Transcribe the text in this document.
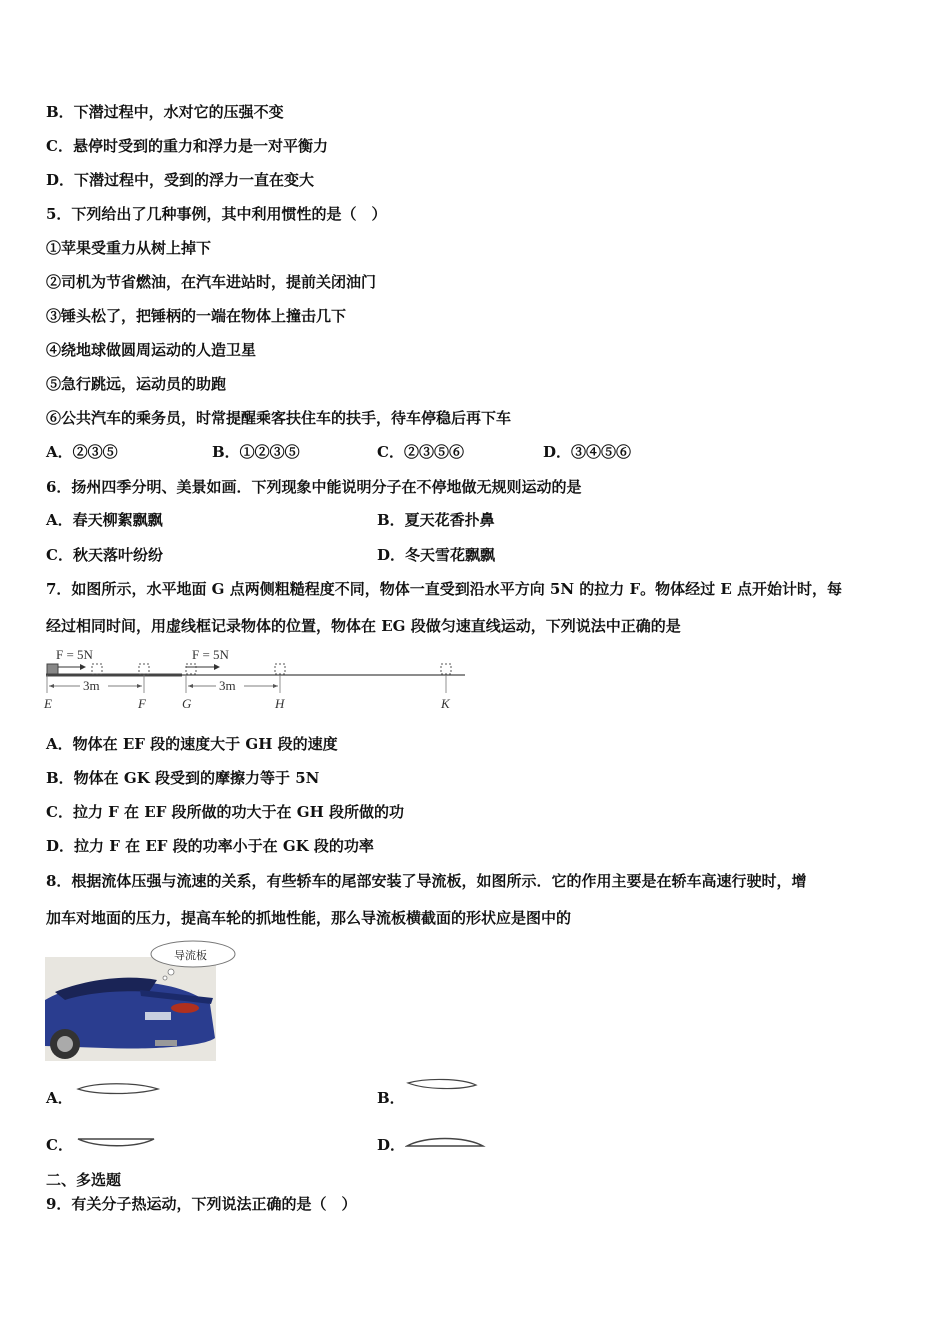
B．下潜过程中，水对它的压强不变
C．悬停时受到的重力和浮力是一对平衡力
D．下潜过程中，受到的浮力一直在变大
5．下列给出了几种事例，其中利用惯性的是（　）
①苹果受重力从树上掉下
②司机为节省燃油，在汽车进站时，提前关闭油门
③锤头松了，把锤柄的一端在物体上撞击几下
④绕地球做圆周运动的人造卫星
⑤急行跳远，运动员的助跑
⑥公共汽车的乘务员，时常提醒乘客扶住车的扶手，待车停稳后再下车
A．②③⑤	B．①②③⑤	C．②③⑤⑥	D．③④⑤⑥
6．扬州四季分明、美景如画．下列现象中能说明分子在不停地做无规则运动的是
A．春天柳絮飘飘	B．夏天花香扑鼻
C．秋天落叶纷纷	D．冬天雪花飘飘
7．如图所示，水平地面 G 点两侧粗糙程度不同，物体一直受到沿水平方向 5N 的拉力 F。物体经过 E 点开始计时，每
经过相同时间，用虚线框记录物体的位置，物体在 EG 段做匀速直线运动，下列说法中正确的是
F = 5N	F = 5N
3m	3m
E	F	G	H	K
A．物体在 EF 段的速度大于 GH 段的速度
B．物体在 GK 段受到的摩擦力等于 5N
C．拉力 F 在 EF 段所做的功大于在 GH 段所做的功
D．拉力 F 在 EF 段的功率小于在 GK 段的功率
8．根据流体压强与流速的关系，有些轿车的尾部安装了导流板，如图所示．它的作用主要是在轿车高速行驶时，增
加车对地面的压力，提高车轮的抓地性能，那么导流板横截面的形状应是图中的
导流板
A．	B．
C．	D．
二、多选题
9．有关分子热运动，下列说法正确的是（　）
